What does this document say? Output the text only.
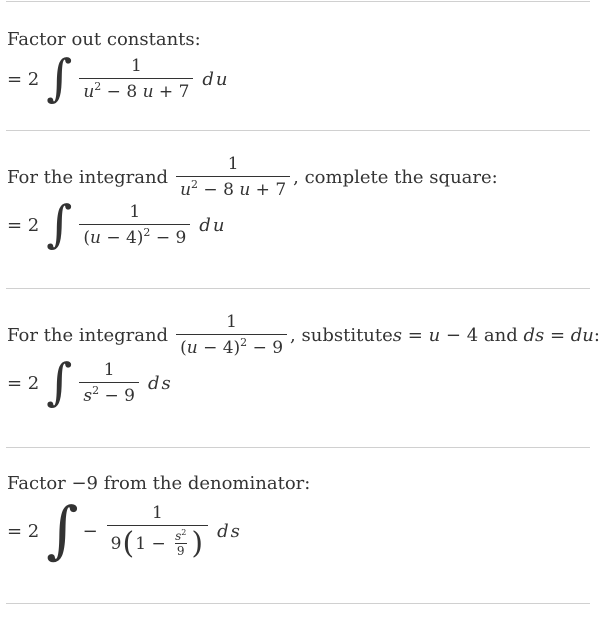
Factor out constants:
= 2 ∫ $\frac{1}{u^2 - 8 u + 7}$ du
For the integrand $\frac{1}{u^2 - 8 u + 7}$ , complete the square:
= 2 ∫ $\frac{1}{(u - 4)^2 - 9}$ du
For the integrand $\frac{1}{(u - 4)^2 - 9}$ , substitute s = u − 4 and ds = du :
= 2 ∫ $\frac{1}{s^2 - 9}$ ds
Factor −9 from the denominator:
= 2 ∫ −
1
9 ( $1 - \frac{s^2}{9}$ ) ds
